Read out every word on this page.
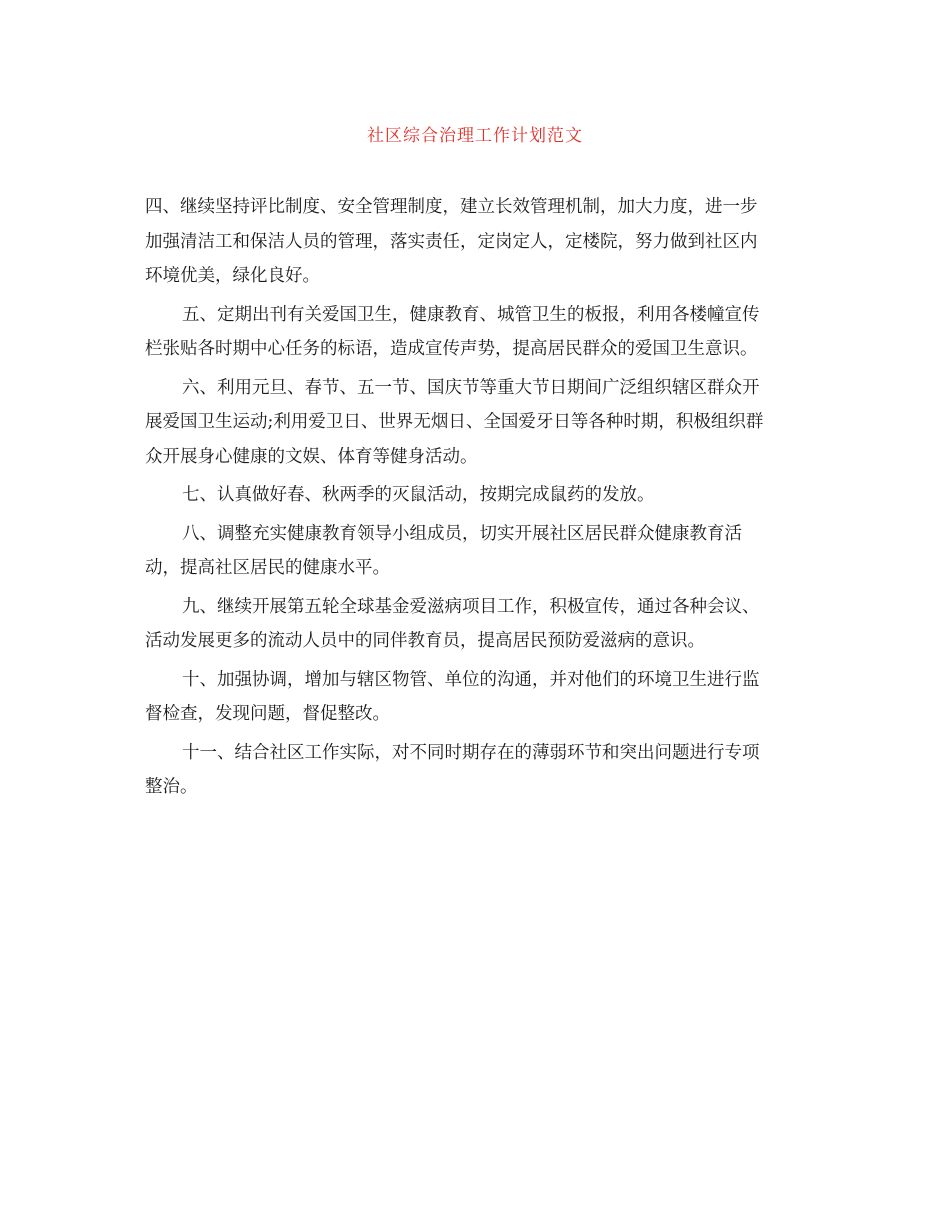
社区综合治理工作计划范文
四、继续坚持评比制度、安全管理制度，建立长效管理机制，加大力度，进一步
加强清洁工和保洁人员的管理，落实责任，定岗定人，定楼院，努力做到社区内
环境优美，绿化良好。
五、定期出刊有关爱国卫生，健康教育、城管卫生的板报，利用各楼幢宣传
栏张贴各时期中心任务的标语，造成宣传声势，提高居民群众的爱国卫生意识。
六、利用元旦、春节、五一节、国庆节等重大节日期间广泛组织辖区群众开
展爱国卫生运动;利用爱卫日、世界无烟日、全国爱牙日等各种时期，积极组织群
众开展身心健康的文娱、体育等健身活动。
七、认真做好春、秋两季的灭鼠活动，按期完成鼠药的发放。
八、调整充实健康教育领导小组成员，切实开展社区居民群众健康教育活
动，提高社区居民的健康水平。
九、继续开展第五轮全球基金爱滋病项目工作，积极宣传，通过各种会议、
活动发展更多的流动人员中的同伴教育员，提高居民预防爱滋病的意识。
十、加强协调，增加与辖区物管、单位的沟通，并对他们的环境卫生进行监
督检查，发现问题，督促整改。
十一、结合社区工作实际，对不同时期存在的薄弱环节和突出问题进行专项
整治。
